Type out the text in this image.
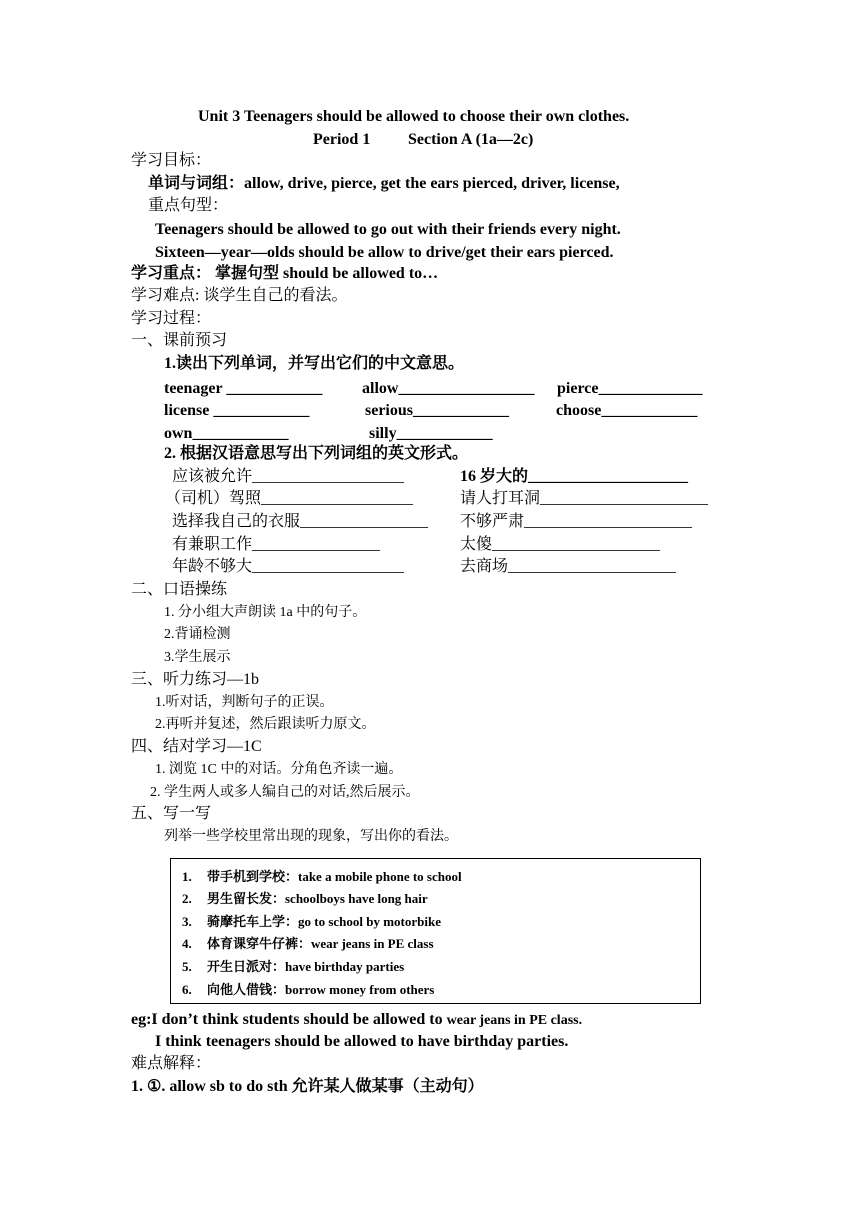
Unit 3 Teenagers should be allowed to choose their own clothes.
Period 1 Section A (1a—2c)
学习目标：
单词与词组：allow, drive, pierce, get the ears pierced, driver, license,
重点句型：
Teenagers should be allowed to go out with their friends every night.
Sixteen—year—olds should be allow to drive/get their ears pierced.
学习重点： 掌握句型 should be allowed to…
学习难点: 谈学生自己的看法。
学习过程：
一、课前预习
1.读出下列单词，并写出它们的中文意思。
teenager ____________ allow_________________ pierce_____________
license ____________	serious____________	choose____________
own____________	silly____________
2. 根据汉语意思写出下列词组的英文形式。
应该被允许___________________	16 岁大的____________________
（司机）驾照___________________	请人打耳洞_____________________
选择我自己的衣服________________ 不够严肃_____________________
有兼职工作________________	太傻_____________________
年龄不够大___________________	去商场_____________________
二、口语操练
1. 分小组大声朗读 1a 中的句子。
2.背诵检测
3.学生展示
三、听力练习—1b
1.听对话，判断句子的正误。
2.再听并复述，然后跟读听力原文。
四、结对学习—1C
1. 浏览 1C 中的对话。分角色齐读一遍。
2. 学生两人或多人编自己的对话,然后展示。
五、写一写
列举一些学校里常出现的现象，写出你的看法。
1. 带手机到学校：take a mobile phone to school
2. 男生留长发：schoolboys have long hair
3. 骑摩托车上学：go to school by motorbike
4. 体育课穿牛仔裤：wear jeans in PE class
5. 开生日派对：have birthday parties
6. 向他人借钱：borrow money from others
eg:I don’t think students should be allowed to wear jeans in PE class.
I think teenagers should be allowed to have birthday parties.
难点解释：
1. ①. allow sb to do sth 允许某人做某事（主动句）
